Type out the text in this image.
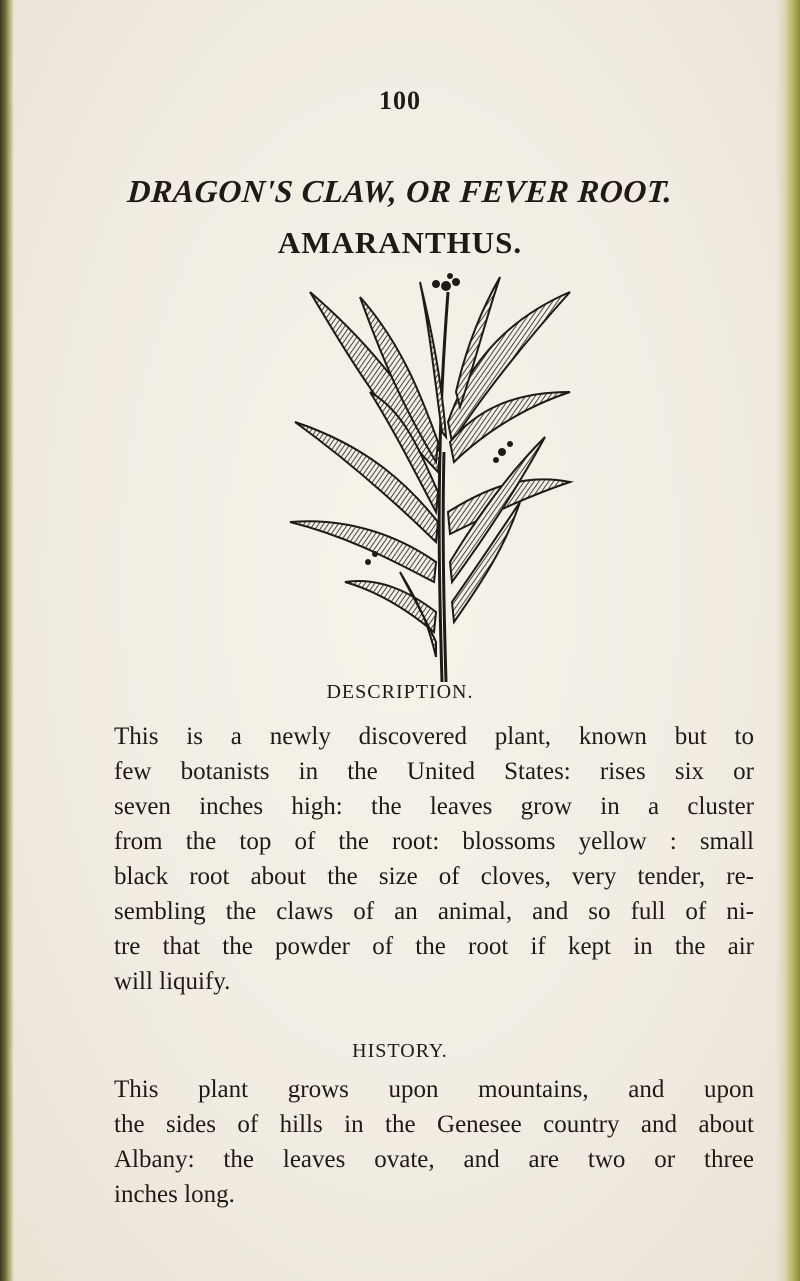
100
DRAGON'S CLAW, OR FEVER ROOT.
AMARANTHUS.
DESCRIPTION.
This is a newly discovered plant, known but to
few botanists in the United States: rises six or
seven inches high: the leaves grow in a cluster
from the top of the root: blossoms yellow : small
black root about the size of cloves, very tender, re-
sembling the claws of an animal, and so full of ni-
tre that the powder of the root if kept in the air
will liquify.
HISTORY.
This plant grows upon mountains, and upon
the sides of hills in the Genesee country and about
Albany: the leaves ovate, and are two or three
inches long.
